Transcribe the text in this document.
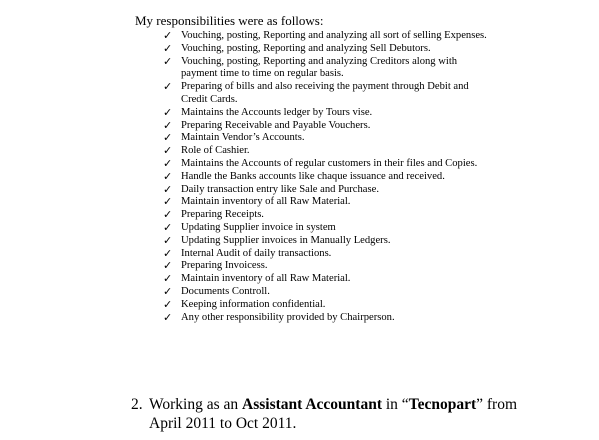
My responsibilities were as follows:
✓ Vouching, posting, Reporting and analyzing all sort of selling Expenses.
✓ Vouching, posting, Reporting and analyzing Sell Debutors.
✓ Vouching, posting, Reporting and analyzing Creditors along with
payment time to time on regular basis.
✓ Preparing of bills and also receiving the payment through Debit and
Credit Cards.
✓ Maintains the Accounts ledger by Tours vise.
✓ Preparing Receivable and Payable Vouchers.
✓ Maintain Vendor’s Accounts.
✓ Role of Cashier.
✓ Maintains the Accounts of regular customers in their files and Copies.
✓ Handle the Banks accounts like chaque issuance and received.
✓ Daily transaction entry like Sale and Purchase.
✓ Maintain inventory of all Raw Material.
✓ Preparing Receipts.
✓ Updating Supplier invoice in system
✓ Updating Supplier invoices in Manually Ledgers.
✓ Internal Audit of daily transactions.
✓ Preparing Invoicess.
✓ Maintain inventory of all Raw Material.
✓ Documents Controll.
✓ Keeping information confidential.
✓ Any other responsibility provided by Chairperson.
2. Working as an Assistant Accountant in “Tecnopart” from
April 2011 to Oct 2011.
